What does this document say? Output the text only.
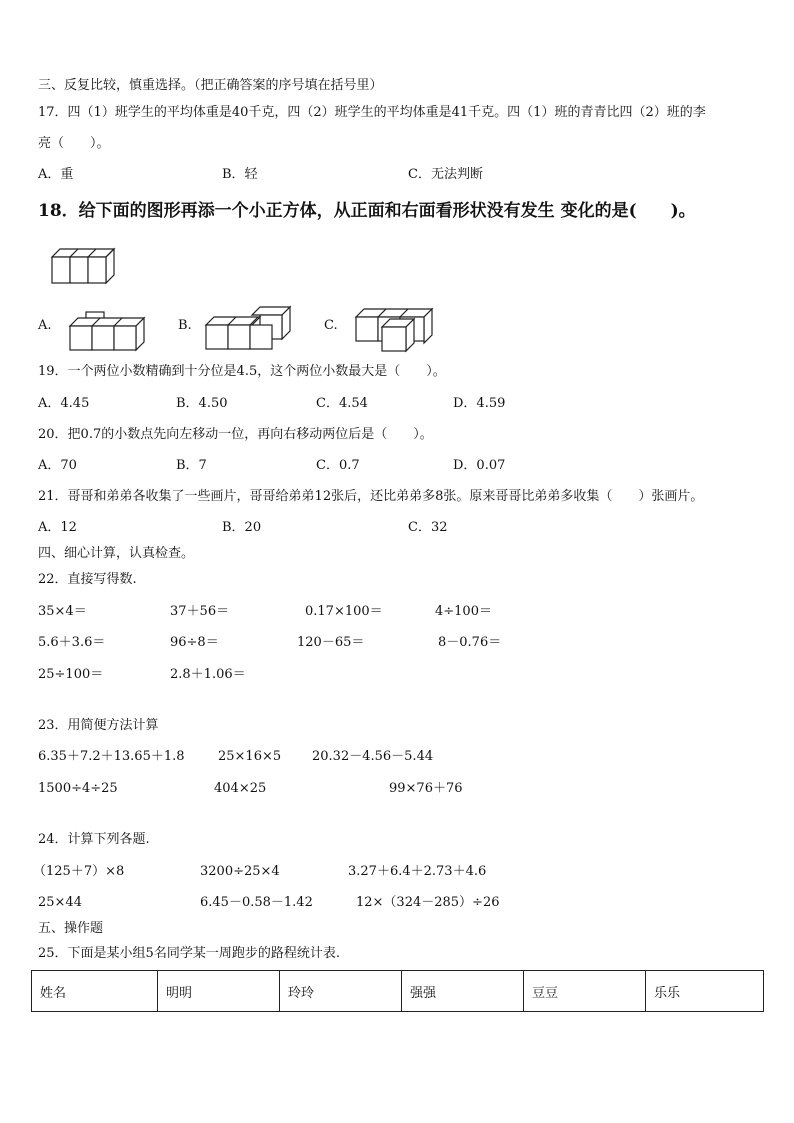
三、反复比较，慎重选择。（把正确答案的序号填在括号里）
17．四（1）班学生的平均体重是40千克，四（2）班学生的平均体重是41千克。四（1）班的青青比四（2）班的李
亮（　　）。
A．重	B．轻	C．无法判断
18．给下面的图形再添一个小正方体，从正面和右面看形状没有发生 变化的是(　　)。
A.	B.	C.
19．一个两位小数精确到十分位是4.5，这个两位小数最大是（　　）。
A．4.45	B．4.50	C．4.54	D．4.59
20．把0.7的小数点先向左移动一位，再向右移动两位后是（　　）。
A．70	B．7	C．0.7	D．0.07
21．哥哥和弟弟各收集了一些画片，哥哥给弟弟12张后，还比弟弟多8张。原来哥哥比弟弟多收集（　　）张画片。
A．12	B．20	C．32
四、细心计算，认真检查。
22．直接写得数.
35×4＝	37＋56＝	0.17×100＝	4÷100＝
5.6＋3.6＝	96÷8＝	120－65＝	8－0.76＝
25÷100＝	2.8＋1.06＝
23．用简便方法计算
6.35＋7.2＋13.65＋1.8	25×16×5 20.32－4.56－5.44
1500÷4÷25	404×25	99×76＋76
24．计算下列各题.
（125＋7）×8	3200÷25×4	3.27＋6.4＋2.73＋4.6
25×44	6.45－0.58－1.42	12×（324－285）÷26
五、操作题
25．下面是某小组5名同学某一周跑步的路程统计表.
姓名	明明	玲玲	强强	豆豆	乐乐
